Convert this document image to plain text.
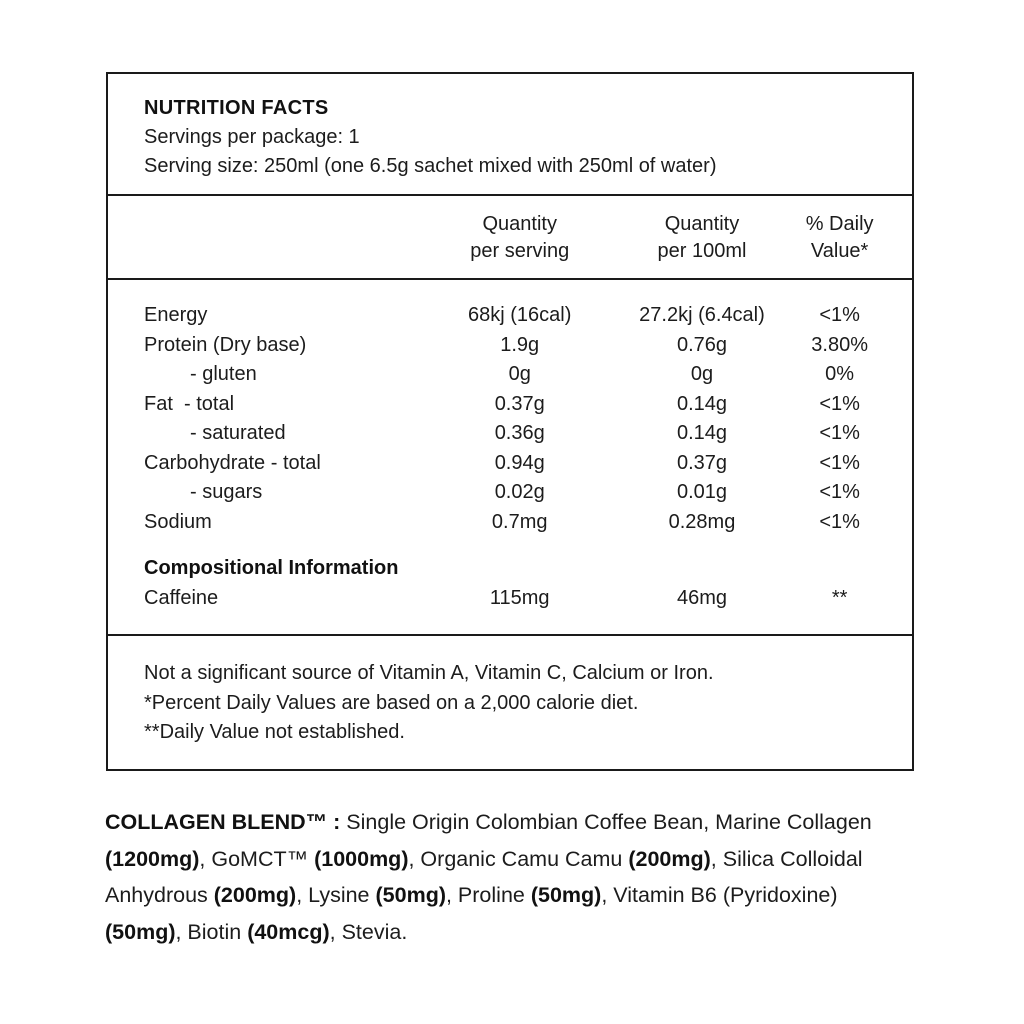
NUTRITION FACTS

Servings per package: 1

Serving size: 250ml (one 6.5g sachet mixed with 250ml of water)

Quantity
per serving
Quantity
per 100ml
% Daily
Value*
Energy	68kj (16cal)	27.2kj (6.4cal)	<1%
Protein (Dry base)	1.9g	0.76g	3.80%
- gluten	0g	0g	0%
Fat  - total	0.37g	0.14g	<1%
- saturated	0.36g	0.14g	<1%
Carbohydrate - total	0.94g	0.37g	<1%
- sugars	0.02g	0.01g	<1%
Sodium	0.7mg	0.28mg	<1%
Compositional Information
Caffeine	115mg	46mg	**
Not a significant source of Vitamin A, Vitamin C, Calcium or Iron.
*Percent Daily Values are based on a 2,000 calorie diet.
**Daily Value not established.

COLLAGEN BLEND™ : Single Origin Colombian Coffee Bean, Marine Collagen (1200mg), GoMCT™ (1000mg), Organic Camu Camu (200mg), Silica Colloidal Anhydrous (200mg), Lysine (50mg), Proline (50mg), Vitamin B6 (Pyridoxine) (50mg), Biotin (40mcg), Stevia.
